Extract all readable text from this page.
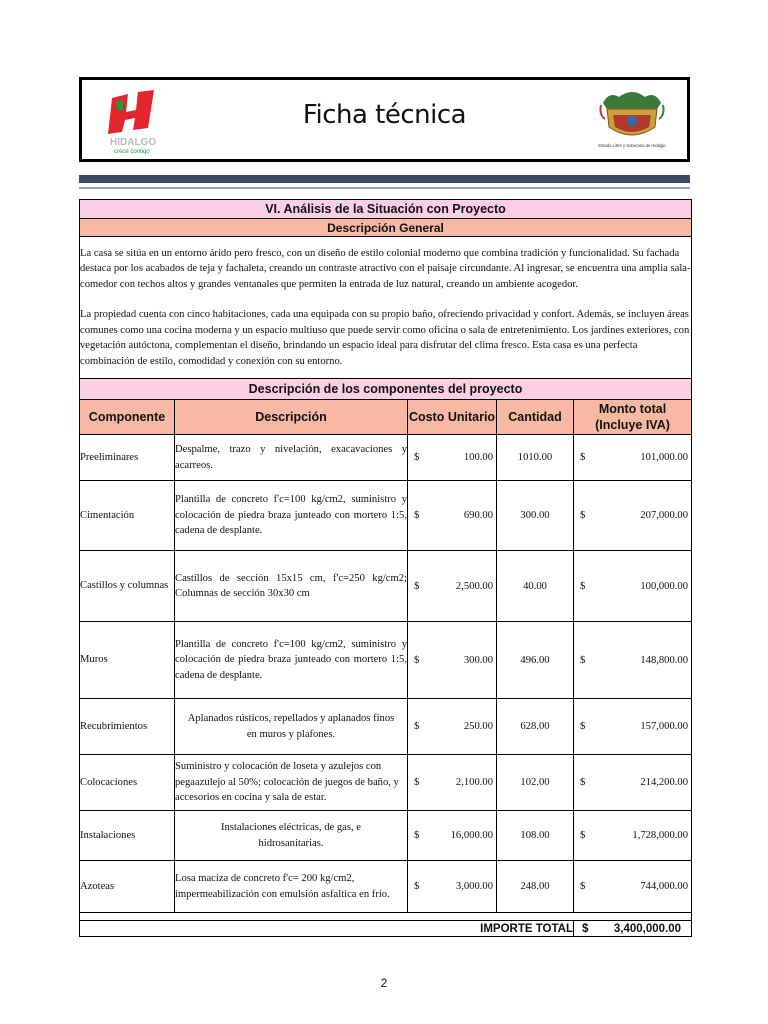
HIDALGO
crece contigo
Ficha técnica
Estado Libre y Soberano de Hidalgo
VI. Análisis de la Situación con Proyecto				
Descripción General				

La casa se sitúa en un entorno árido pero fresco, con un diseño de estilo colonial moderno que combina tradición y funcionalidad. Su fachada destaca por los acabados de teja y fachaleta, creando un contraste atractivo con el paisaje circundante. Al ingresar, se encuentra una amplia sala-comedor con techos altos y grandes ventanales que permiten la entrada de luz natural, creando un ambiente acogedor.

La propiedad cuenta con cinco habitaciones, cada una equipada con su propio baño, ofreciendo privacidad y confort. Además, se incluyen áreas comunes como una cocina moderna y un espacio multiuso que puede servir como oficina o sala de entretenimiento. Los jardines exteriores, con vegetación autóctona, complementan el diseño, brindando un espacio ideal para disfrutar del clima fresco. Esta casa es una perfecta combinación de estilo, comodidad y conexión con su entorno.				

Descripción de los componentes del proyecto				
Componente	Descripción	Costo Unitario	Cantidad	Monto total (Incluye IVA)
Preeliminares	Despalme, trazo y nivelación, exacavaciones y acarreos.	$ 100.00	1010.00	$ 101,000.00

Cimentación	Plantilla de concreto f'c=100 kg/cm2, suministro y colocación de piedra braza junteado con mortero 1:5, cadena de desplante.	$ 690.00	300.00	$ 207,000.00

Castillos y columnas	Castillos de sección 15x15 cm, f'c=250 kg/cm2; Columnas de sección 30x30 cm	$ 2,500.00	40.00	$ 100,000.00

Muros	Plantilla de concreto f'c=100 kg/cm2, suministro y colocación de piedra braza junteado con mortero 1:5, cadena de desplante.	$ 300.00	496.00	$ 148,800.00

Recubrimientos	Aplanados rústicos, repellados y aplanados finos en muros y plafones.	$ 250.00	628.00	$ 157,000.00

Colocaciones	Suministro y colocación de loseta y azulejos con pegaazulejo al 50%; colocación de juegos de baño, y accesorios en cocina y sala de estar.	$ 2,100.00	102.00	$ 214,200.00

Instalaciones	Instalaciones eléctricas, de gas, e hidrosanitarias.	$ 16,000.00	108.00	$ 1,728,000.00

Azoteas	Losa maciza de concreto f'c= 200 kg/cm2, impermeabilización con emulsión asfaltica en frio.	$ 3,000.00	248.00	$ 744,000.00

IMPORTE TOTAL				$ 3,400,000.00
2
